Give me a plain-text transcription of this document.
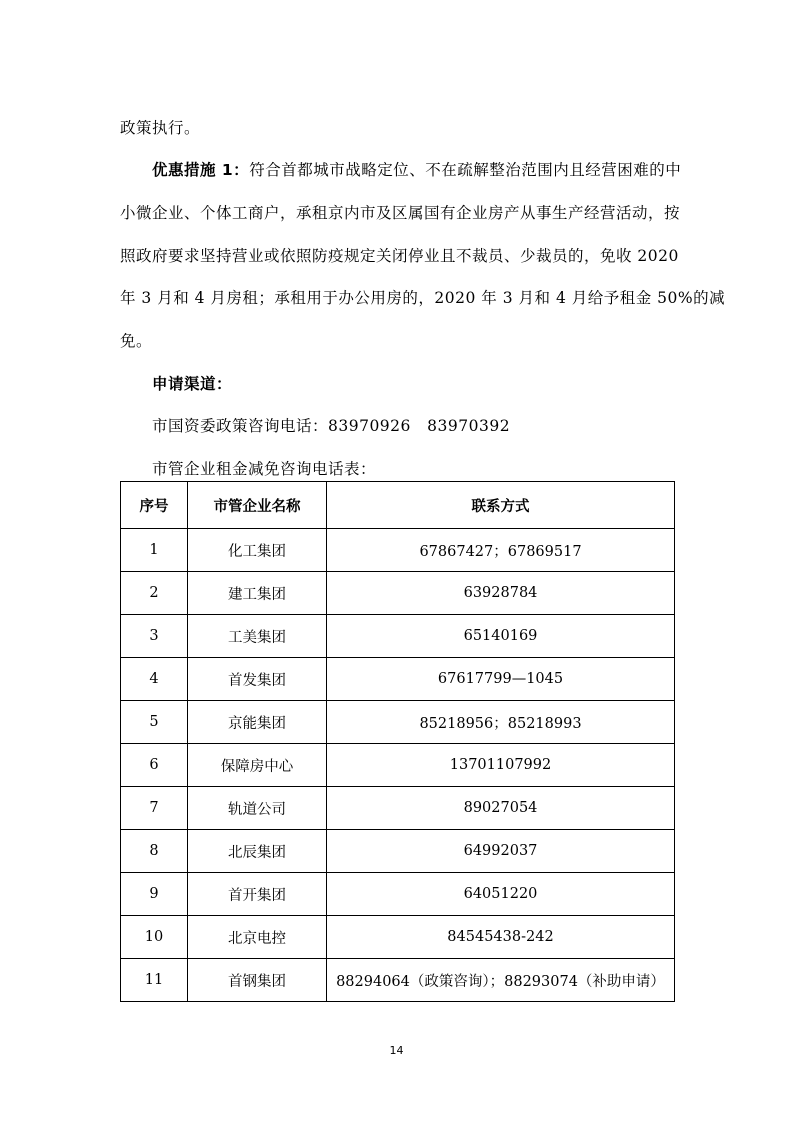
政策执行。
优惠措施 1：符合首都城市战略定位、不在疏解整治范围内且经营困难的中
小微企业、个体工商户，承租京内市及区属国有企业房产从事生产经营活动，按
照政府要求坚持营业或依照防疫规定关闭停业且不裁员、少裁员的，免收 2020
年 3 月和 4 月房租；承租用于办公用房的，2020 年 3 月和 4 月给予租金 50%的减
免。
申请渠道：
市国资委政策咨询电话：83970926   83970392
市管企业租金减免咨询电话表：
序号	市管企业名称	联系方式
1	化工集团	67867427；67869517
2	建工集团	63928784
3	工美集团	65140169
4	首发集团	67617799—1045
5	京能集团	85218956；85218993
6	保障房中心	13701107992
7	轨道公司	89027054
8	北辰集团	64992037
9	首开集团	64051220
10	北京电控	84545438-242
11	首钢集团	88294064（政策咨询）；88293074（补助申请）
14
